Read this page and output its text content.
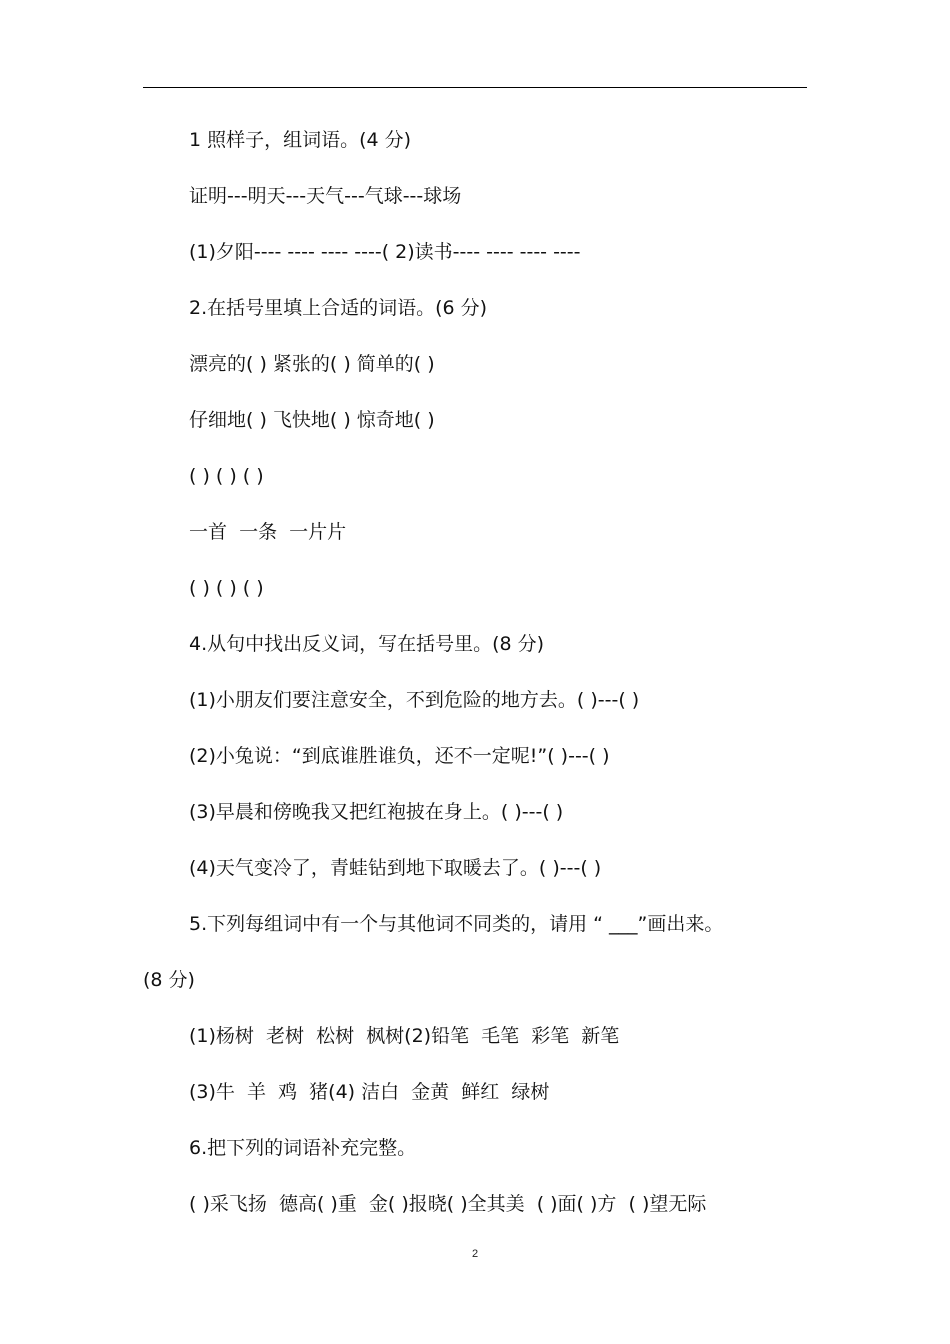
1 照样子，组词语。(4 分)
证明---明天---天气---气球---球场
(1)夕阳---- ---- ---- ----( 2)读书---- ---- ---- ----
2.在括号里填上合适的词语。(6 分)
漂亮的( ) 紧张的( ) 简单的( )
仔细地( ) 飞快地( ) 惊奇地( )
( ) ( ) ( )
一首  一条  一片片
( ) ( ) ( )
4.从句中找出反义词，写在括号里。(8 分)
(1)小朋友们要注意安全，不到危险的地方去。( )---( )
(2)小兔说：“到底谁胜谁负，还不一定呢!”( )---( )
(3)早晨和傍晚我又把红袍披在身上。( )---( )
(4)天气变冷了，青蛙钻到地下取暖去了。( )---( )
5.下列每组词中有一个与其他词不同类的，请用 “ ___”画出来。
(8 分)
(1)杨树  老树  松树  枫树(2)铅笔  毛笔  彩笔  新笔
(3)牛  羊  鸡  猪(4) 洁白  金黄  鲜红  绿树
6.把下列的词语补充完整。
( )采飞扬  德高( )重  金( )报晓( )全其美  ( )面( )方  ( )望无际
2
